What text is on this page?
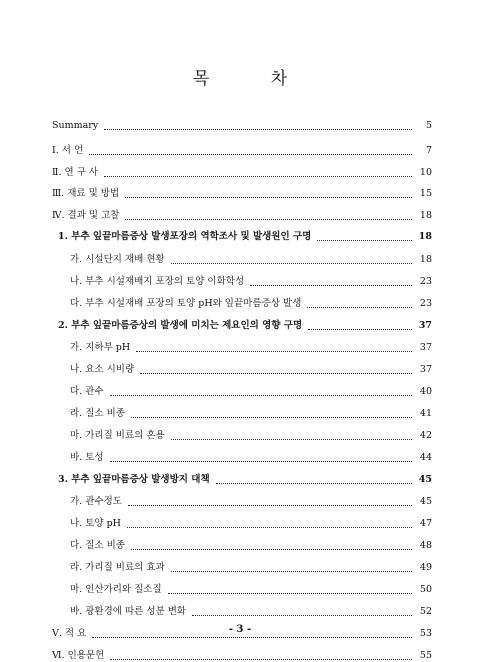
목 차
Summary	5
Ⅰ. 서 언	7
Ⅱ. 연 구 사	10
Ⅲ. 재료 및 방법	15
Ⅳ. 결과 및 고찰	18
1. 부추 잎끝마름증상 발생포장의 역학조사 및 발생원인 구명	18
가. 시설단지 재배 현황	18
나. 부추 시설재배지 포장의 토양 이화학성	23
다. 부추 시설재배 포장의 토양 pH와 잎끝마름증상 발생	23
2. 부추 잎끝마름증상의 발생에 미치는 제요인의 영향 구명	37
가. 지하부 pH	37
나. 요소 시비량	37
다. 관수	40
라. 질소 비종	41
마. 가리질 비료의 혼용	42
바. 토성	44
3. 부추 잎끝마름증상 발생방지 대책	45
가. 관수정도	45
나. 토양 pH	47
다. 질소 비종	48
라. 가리질 비료의 효과	49
마. 인산가리와 질소질	50
바. 광환경에 따른 성분 변화	52
Ⅴ. 적 요	53
Ⅵ. 인용문헌	55
- 3 -
